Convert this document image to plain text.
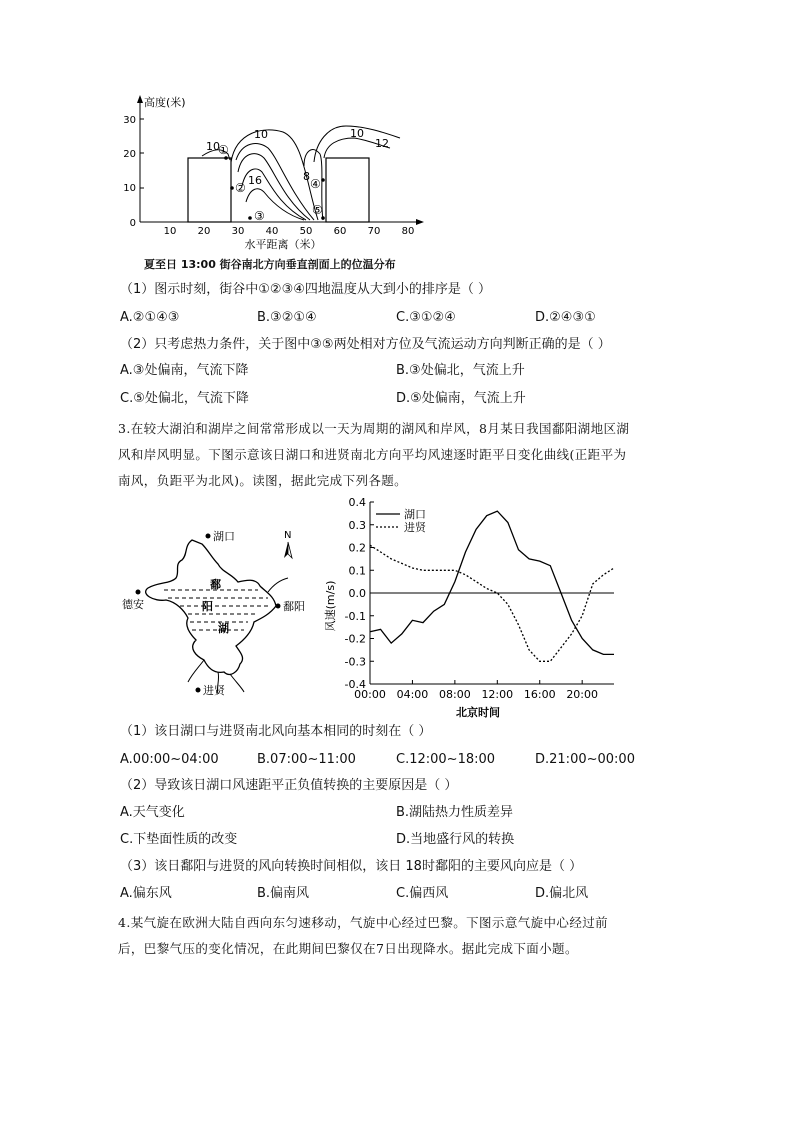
高度(米)
30
20
10
0
10 20 30 40 50 60 70 80
水平距离（米）
10
10
16	8
10
12
①
②
③
④
⑤
夏至日 13:00 街谷南北方向垂直剖面上的位温分布
（1）图示时刻，街谷中①②③④四地温度从大到小的排序是（ ）
A.②①④③	B.③②①④	C.③①②④	D.②④③①
（2）只考虑热力条件，关于图中③⑤两处相对方位及气流运动方向判断正确的是（ ）
A.③处偏南，气流下降	B.③处偏北，气流上升
C.⑤处偏北，气流下降	D.⑤处偏南，气流上升
3.在较大湖泊和湖岸之间常常形成以一天为周期的湖风和岸风，8月某日我国鄱阳湖地区湖
风和岸风明显。下图示意该日湖口和进贤南北方向平均风速逐时距平日变化曲线(正距平为
南风，负距平为北风)。读图，据此完成下列各题。
湖口
德安	鄱阳
进贤
鄱
阳
湖
N
风速(m/s)
北京时间
0.4
0.3
0.2
0.1
0.0
-0.1
-0.2
-0.3
-0.4
00:00 04:00 08:00 12:00 16:00 20:00
湖口
进贤
（1）该日湖口与进贤南北风向基本相同的时刻在（ ）
A.00:00~04:00	B.07:00~11:00	C.12:00~18:00	D.21:00~00:00
（2）导致该日湖口风速距平正负值转换的主要原因是（ ）
A.天气变化	B.湖陆热力性质差异
C.下垫面性质的改变	D.当地盛行风的转换
（3）该日鄱阳与进贤的风向转换时间相似，该日 18时鄱阳的主要风向应是（ ）
A.偏东风	B.偏南风	C.偏西风	D.偏北风
4.某气旋在欧洲大陆自西向东匀速移动，气旋中心经过巴黎。下图示意气旋中心经过前
后，巴黎气压的变化情况，在此期间巴黎仅在7日出现降水。据此完成下面小题。
